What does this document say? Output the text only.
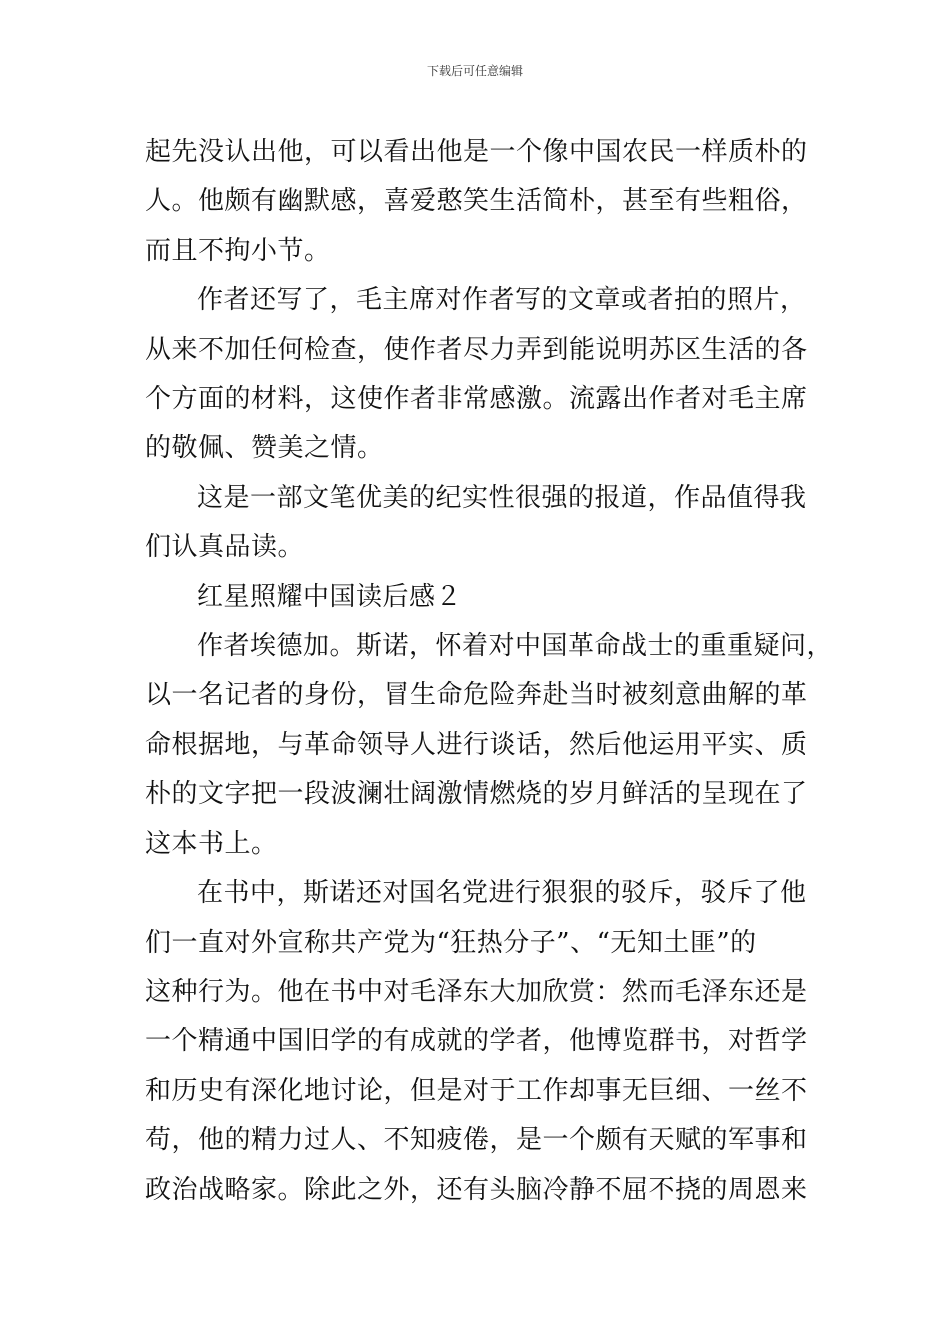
下载后可任意编辑

起先没认出他，可以看出他是一个像中国农民一样质朴的
人。他颇有幽默感，喜爱憨笑生活简朴，甚至有些粗俗，
而且不拘小节。

作者还写了，毛主席对作者写的文章或者拍的照片，
从来不加任何检查，使作者尽力弄到能说明苏区生活的各
个方面的材料，这使作者非常感激。流露出作者对毛主席
的敬佩、赞美之情。

这是一部文笔优美的纪实性很强的报道，作品值得我
们认真品读。

红星照耀中国读后感２

作者埃德加。斯诺，怀着对中国革命战士的重重疑问，
以一名记者的身份，冒生命危险奔赴当时被刻意曲解的革
命根据地，与革命领导人进行谈话，然后他运用平实、质
朴的文字把一段波澜壮阔激情燃烧的岁月鲜活的呈现在了
这本书上。

在书中，斯诺还对国名党进行狠狠的驳斥，驳斥了他
们一直对外宣称共产党为“狂热分子”、“无知土匪”的
这种行为。他在书中对毛泽东大加欣赏：然而毛泽东还是
一个精通中国旧学的有成就的学者，他博览群书，对哲学
和历史有深化地讨论，但是对于工作却事无巨细、一丝不
苟，他的精力过人、不知疲倦，是一个颇有天赋的军事和
政治战略家。除此之外，还有头脑冷静不屈不挠的周恩来
